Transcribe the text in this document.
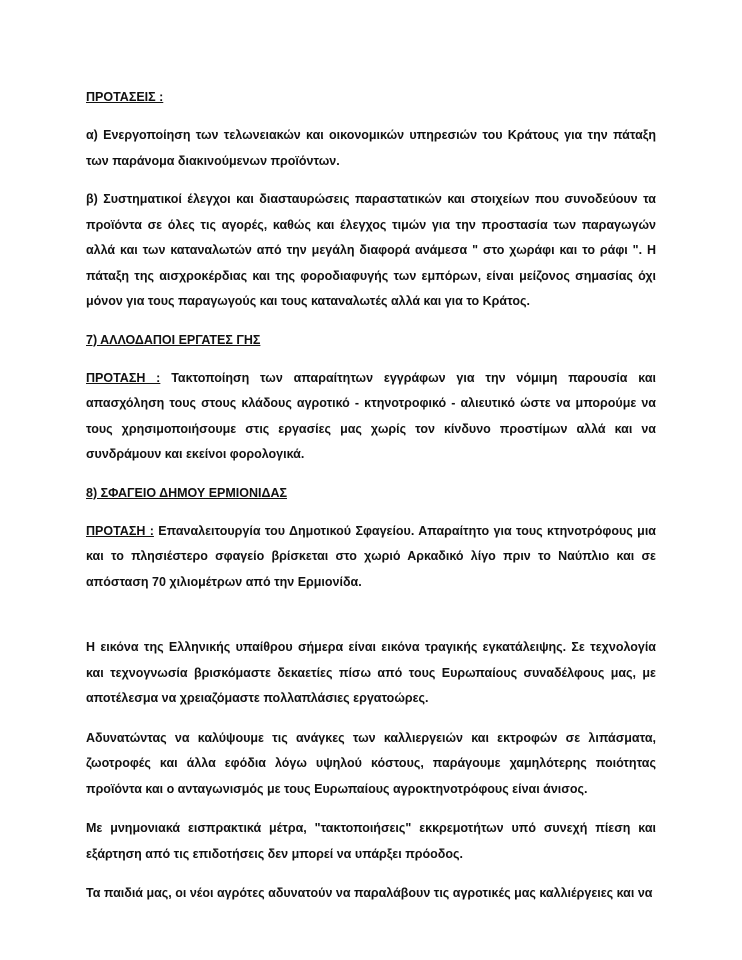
ΠΡΟΤΑΣΕΙΣ :

α) Ενεργοποίηση των τελωνειακών και οικονομικών υπηρεσιών του Κράτους για την πάταξη των παράνομα διακινούμενων προϊόντων.

β) Συστηματικοί έλεγχοι και διασταυρώσεις παραστατικών και στοιχείων που συνοδεύουν τα προϊόντα σε όλες τις αγορές, καθώς και έλεγχος τιμών για την προστασία των παραγωγών αλλά και των καταναλωτών από την μεγάλη διαφορά ανάμεσα " στο χωράφι και το ράφι ". Η πάταξη της αισχροκέρδιας και της φοροδιαφυγής των εμπόρων, είναι μείζονος σημασίας όχι μόνον για τους παραγωγούς και τους καταναλωτές αλλά και για το Κράτος.

7) ΑΛΛΟΔΑΠΟΙ ΕΡΓΑΤΕΣ ΓΗΣ

ΠΡΟΤΑΣΗ : Τακτοποίηση των απαραίτητων εγγράφων για την νόμιμη παρουσία και απασχόληση τους στους κλάδους αγροτικό - κτηνοτροφικό - αλιευτικό ώστε να μπορούμε να τους χρησιμοποιήσουμε στις εργασίες μας χωρίς τον κίνδυνο προστίμων αλλά και να συνδράμουν και εκείνοι φορολογικά.

8) ΣΦΑΓΕΙΟ ΔΗΜΟΥ ΕΡΜΙΟΝΙΔΑΣ

ΠΡΟΤΑΣΗ : Επαναλειτουργία του Δημοτικού Σφαγείου. Απαραίτητο για τους κτηνοτρόφους μια και το πλησιέστερο σφαγείο βρίσκεται στο χωριό Αρκαδικό λίγο πριν το Ναύπλιο και σε απόσταση 70 χιλιομέτρων από την Ερμιονίδα.

Η εικόνα της Ελληνικής υπαίθρου σήμερα είναι εικόνα τραγικής εγκατάλειψης. Σε τεχνολογία και τεχνογνωσία βρισκόμαστε δεκαετίες πίσω από τους Ευρωπαίους συναδέλφους μας, με αποτέλεσμα να χρειαζόμαστε πολλαπλάσιες εργατοώρες.

Αδυνατώντας να καλύψουμε τις ανάγκες των καλλιεργειών και εκτροφών σε λιπάσματα, ζωοτροφές και άλλα εφόδια λόγω υψηλού κόστους, παράγουμε χαμηλότερης ποιότητας προϊόντα και ο ανταγωνισμός με τους Ευρωπαίους αγροκτηνοτρόφους είναι άνισος.

Με μνημονιακά εισπρακτικά μέτρα, "τακτοποιήσεις" εκκρεμοτήτων υπό συνεχή πίεση και εξάρτηση από τις επιδοτήσεις δεν μπορεί να υπάρξει πρόοδος.

Τα παιδιά μας, οι νέοι αγρότες αδυνατούν να παραλάβουν τις αγροτικές μας καλλιέργειες και να
